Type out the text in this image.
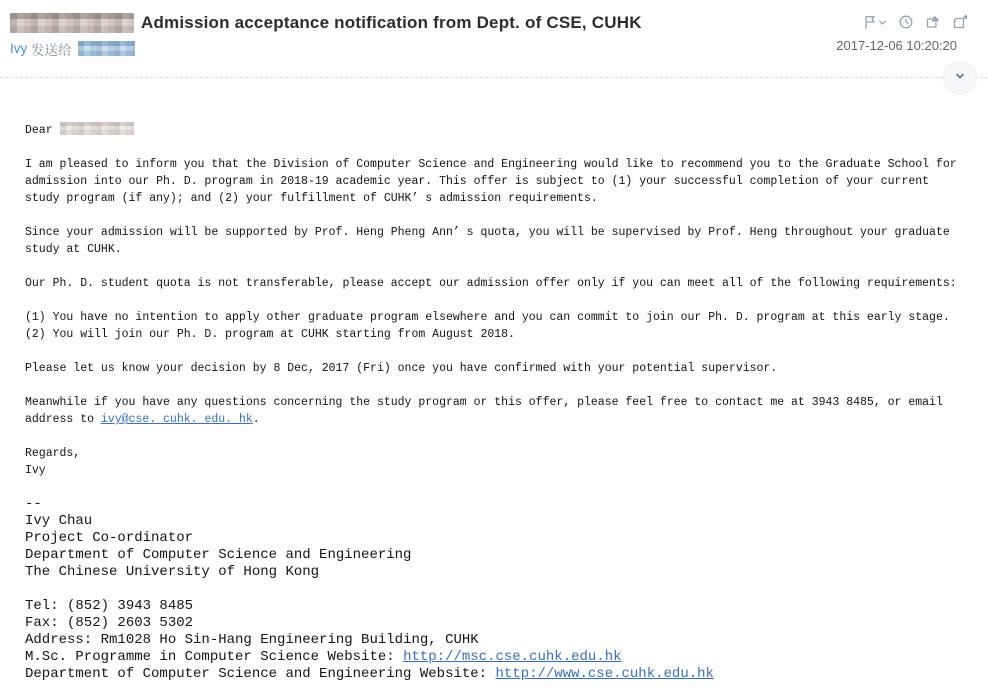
Admission acceptance notification from Dept. of CSE, CUHK
2017-12-06 10:20:20
Ivy
发送给
Dear
I am pleased to inform you that the Division of Computer Science and Engineering would like to recommend you to the Graduate School for
admission into our Ph. D. program in 2018-19 academic year. This offer is subject to (1) your successful completion of your current
study program (if any); and (2) your fulfillment of CUHK’ s admission requirements.
Since your admission will be supported by Prof. Heng Pheng Ann’ s quota, you will be supervised by Prof. Heng throughout your graduate
study at CUHK.
Our Ph. D. student quota is not transferable, please accept our admission offer only if you can meet all of the following requirements:
(1) You have no intention to apply other graduate program elsewhere and you can commit to join our Ph. D. program at this early stage.
(2) You will join our Ph. D. program at CUHK starting from August 2018.
Please let us know your decision by 8 Dec, 2017 (Fri) once you have confirmed with your potential supervisor.
Meanwhile if you have any questions concerning the study program or this offer, please feel free to contact me at 3943 8485, or email
address to ivy@cse. cuhk. edu. hk.
Regards,
Ivy
--
Ivy Chau
Project Co-ordinator
Department of Computer Science and Engineering
The Chinese University of Hong Kong
Tel: (852) 3943 8485
Fax: (852) 2603 5302
Address: Rm1028 Ho Sin-Hang Engineering Building, CUHK
M.Sc. Programme in Computer Science Website: http://msc.cse.cuhk.edu.hk
Department of Computer Science and Engineering Website: http://www.cse.cuhk.edu.hk
